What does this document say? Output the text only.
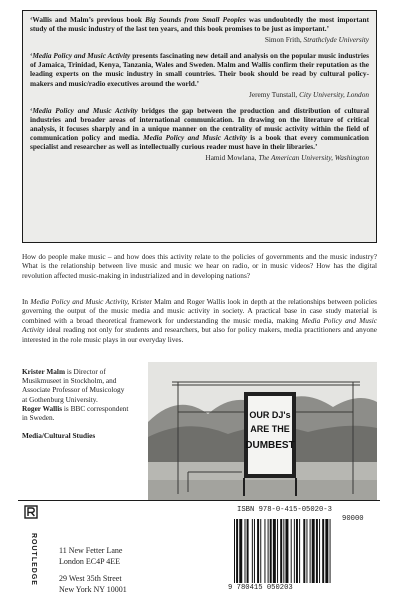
‘Wallis and Malm’s previous book Big Sounds from Small Peoples was undoubtedly the most important study of the music industry of the last ten years, and this book promises to be just as important.’

Simon Frith, Strathclyde University

‘Media Policy and Music Activity presents fascinating new detail and analysis on the popular music industries of Jamaica, Trinidad, Kenya, Tanzania, Wales and Sweden. Malm and Wallis confirm their reputation as the leading experts on the music industry in small countries. Their book should be read by cultural policy-makers and music/radio executives around the world.’

Jeremy Tunstall, City University, London

‘Media Policy and Music Activity bridges the gap between the production and distribution of cultural industries and broader areas of international communication. In drawing on the literature of critical analysis, it focuses sharply and in a unique manner on the centrality of music activity within the field of communication policy and media. Media Policy and Music Activity is a book that every communication specialist and researcher as well as intellectually curious reader must have in their libraries.’

Hamid Mowlana, The American University, Washington

How do people make music – and how does this activity relate to the policies of governments and the music industry? What is the relationship between live music and music we hear on radio, or in music videos? How has the digital revolution affected music-making in industrialized and in developing nations?

In Media Policy and Music Activity, Krister Malm and Roger Wallis look in depth at the relationships between policies governing the output of the music media and music activity in society. A practical base in case study material is combined with a broad theoretical framework for understanding the music media, making Media Policy and Music Activity ideal reading not only for students and researchers, but also for policy makers, media practitioners and anyone interested in the role music plays in our everyday lives.

Krister Malm is Director of Musikmuseet in Stockholm, and Associate Professor of Musicology at Gothenburg University.
Roger Wallis is BBC correspondent in Sweden.

Media/Cultural Studies

OUR DJ's
ARE THE
DUMBEST

ROUTLEDGE	11 New Fetter Lane
London EC4P 4EE

29 West 35th Street
New York NY 10001

ISBN 978-0-415-05020-3

90000

9 780415 050203
